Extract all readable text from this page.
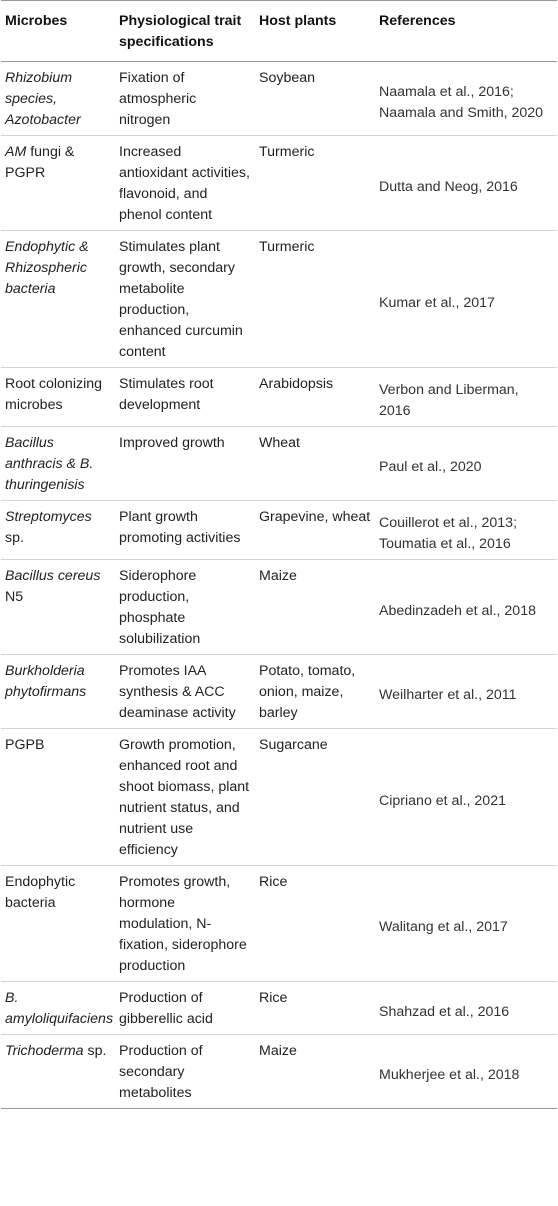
Microbes	Physiological trait specifications	Host plants	References
Rhizobium species, Azotobacter	Fixation of atmospheric nitrogen	Soybean	Naamala et al., 2016; Naamala and Smith, 2020
AM fungi & PGPR	Increased antioxidant activities, flavonoid, and phenol content	Turmeric	Dutta and Neog, 2016
Endophytic & Rhizospheric bacteria	Stimulates plant growth, secondary metabolite production, enhanced curcumin content	Turmeric	Kumar et al., 2017
Root colonizing microbes	Stimulates root development	Arabidopsis	Verbon and Liberman, 2016
Bacillus anthracis & B. thuringenisis	Improved growth	Wheat	Paul et al., 2020
Streptomyces sp.	Plant growth promoting activities	Grapevine, wheat	Couillerot et al., 2013; Toumatia et al., 2016
Bacillus cereus N5	Siderophore production, phosphate solubilization	Maize	Abedinzadeh et al., 2018
Burkholderia phytofirmans	Promotes IAA synthesis & ACC deaminase activity	Potato, tomato, onion, maize, barley	Weilharter et al., 2011
PGPB	Growth promotion, enhanced root and shoot biomass, plant nutrient status, and nutrient use efficiency	Sugarcane	Cipriano et al., 2021
Endophytic bacteria	Promotes growth, hormone modulation, N-fixation, siderophore production	Rice	Walitang et al., 2017
B. amyloliquifaciens	Production of gibberellic acid	Rice	Shahzad et al., 2016
Trichoderma sp.	Production of secondary metabolites	Maize	Mukherjee et al., 2018
